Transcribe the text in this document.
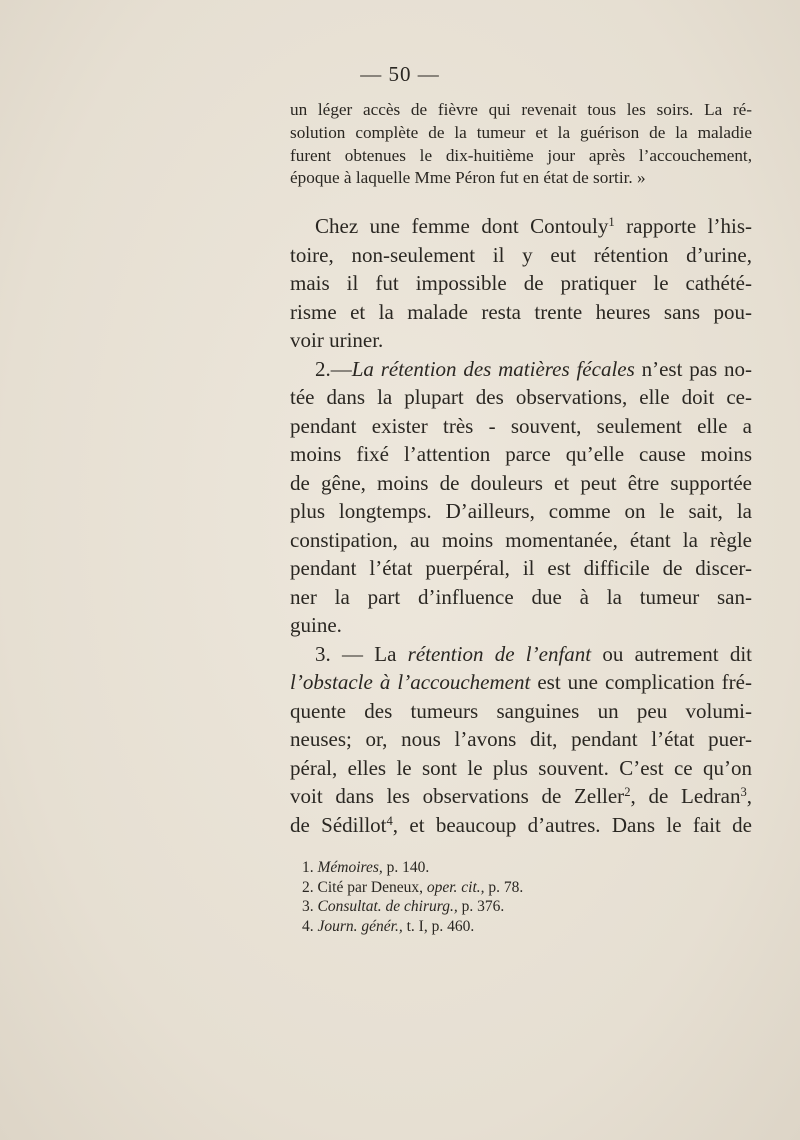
— 50 —
un léger accès de fièvre qui revenait tous les soirs. La ré-
solution complète de la tumeur et la guérison de la maladie
furent obtenues le dix-huitième jour après l’accouchement,
époque à laquelle Mme Péron fut en état de sortir. »
Chez une femme dont Contouly$^1$ rapporte l’his-
toire, non-seulement il y eut rétention d’urine,
mais il fut impossible de pratiquer le cathété-
risme et la malade resta trente heures sans pou-
voir uriner.
2.—La rétention des matières fécales n’est pas no-
tée dans la plupart des observations, elle doit ce-
pendant exister très - souvent, seulement elle a
moins fixé l’attention parce qu’elle cause moins
de gêne, moins de douleurs et peut être supportée
plus longtemps. D’ailleurs, comme on le sait, la
constipation, au moins momentanée, étant la règle
pendant l’état puerpéral, il est difficile de discer-
ner la part d’influence due à la tumeur san-
guine.
3. — La rétention de l’enfant ou autrement dit
l’obstacle à l’accouchement est une complication fré-
quente des tumeurs sanguines un peu volumi-
neuses; or, nous l’avons dit, pendant l’état puer-
péral, elles le sont le plus souvent. C’est ce qu’on
voit dans les observations de Zeller$^2$, de Ledran$^3$,
de Sédillot$^4$, et beaucoup d’autres. Dans le fait de
1. Mémoires, p. 140.
2. Cité par Deneux, oper. cit., p. 78.
3. Consultat. de chirurg., p. 376.
4. Journ. génér., t. I, p. 460.
